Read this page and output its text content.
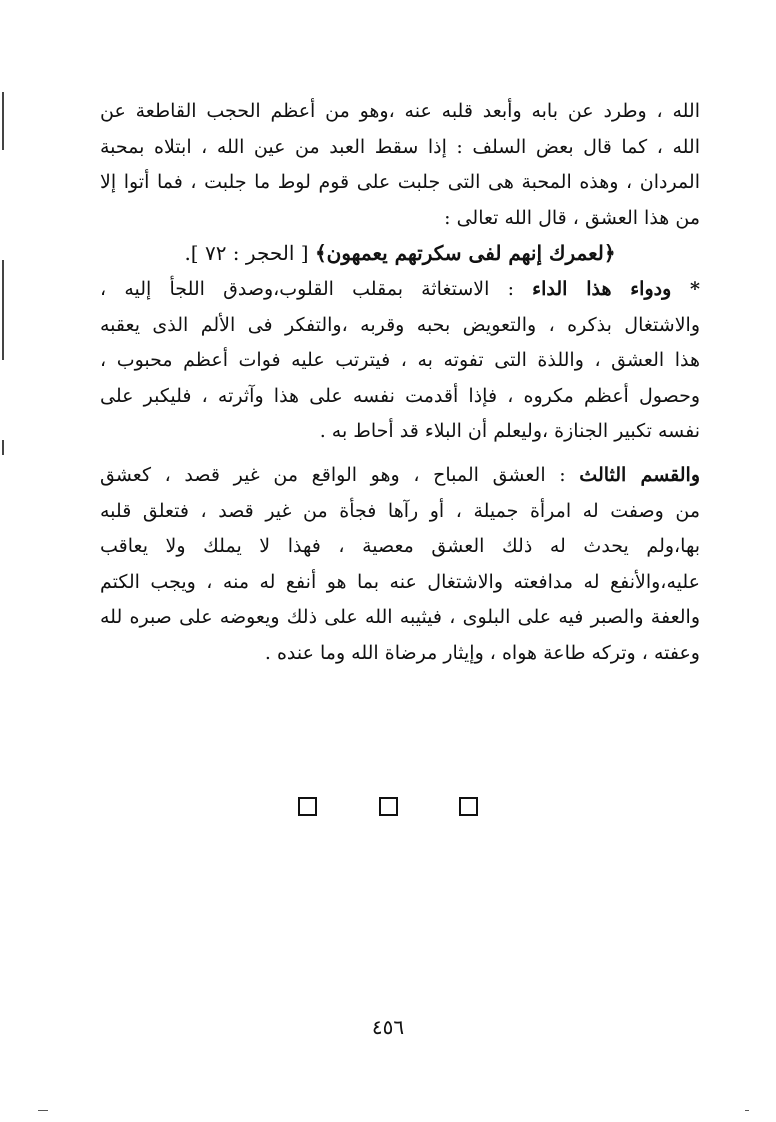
الله ، وطرد عن بابه وأبعد قلبه عنه ،وهو من أعظم الحجب القاطعة عن
الله ، كما قال بعض السلف : إذا سقط العبد من عين الله ، ابتلاه بمحبة
المردان ، وهذه المحبة هى التى جلبت على قوم لوط ما جلبت ، فما أتوا إلا
من هذا العشق ، قال الله تعالى :
﴿لعمرك إنهم لفى سكرتهم يعمهون﴾ [ الحجر : ٧٢ ].
* ودواء هذا الداء : الاستغاثة بمقلب القلوب،وصدق اللجأ إليه ،
والاشتغال بذكره ، والتعويض بحبه وقربه ،والتفكر فى الألم الذى يعقبه
هذا العشق ، واللذة التى تفوته به ، فيترتب عليه فوات أعظم محبوب ،
وحصول أعظم مكروه ، فإذا أقدمت نفسه على هذا وآثرته ، فليكبر على
نفسه تكبير الجنازة ،وليعلم أن البلاء قد أحاط به .
والقسم الثالث : العشق المباح ، وهو الواقع من غير قصد ، كعشق
من وصفت له امرأة جميلة ، أو رآها فجأة من غير قصد ، فتعلق قلبه
بها،ولم يحدث له ذلك العشق معصية ، فهذا لا يملك ولا يعاقب
عليه،والأنفع له مدافعته والاشتغال عنه بما هو أنفع له منه ، ويجب الكتم
والعفة والصبر فيه على البلوى ، فيثيبه الله على ذلك ويعوضه على صبره لله
وعفته ، وتركه طاعة هواه ، وإيثار مرضاة الله وما عنده .

٤٥٦
